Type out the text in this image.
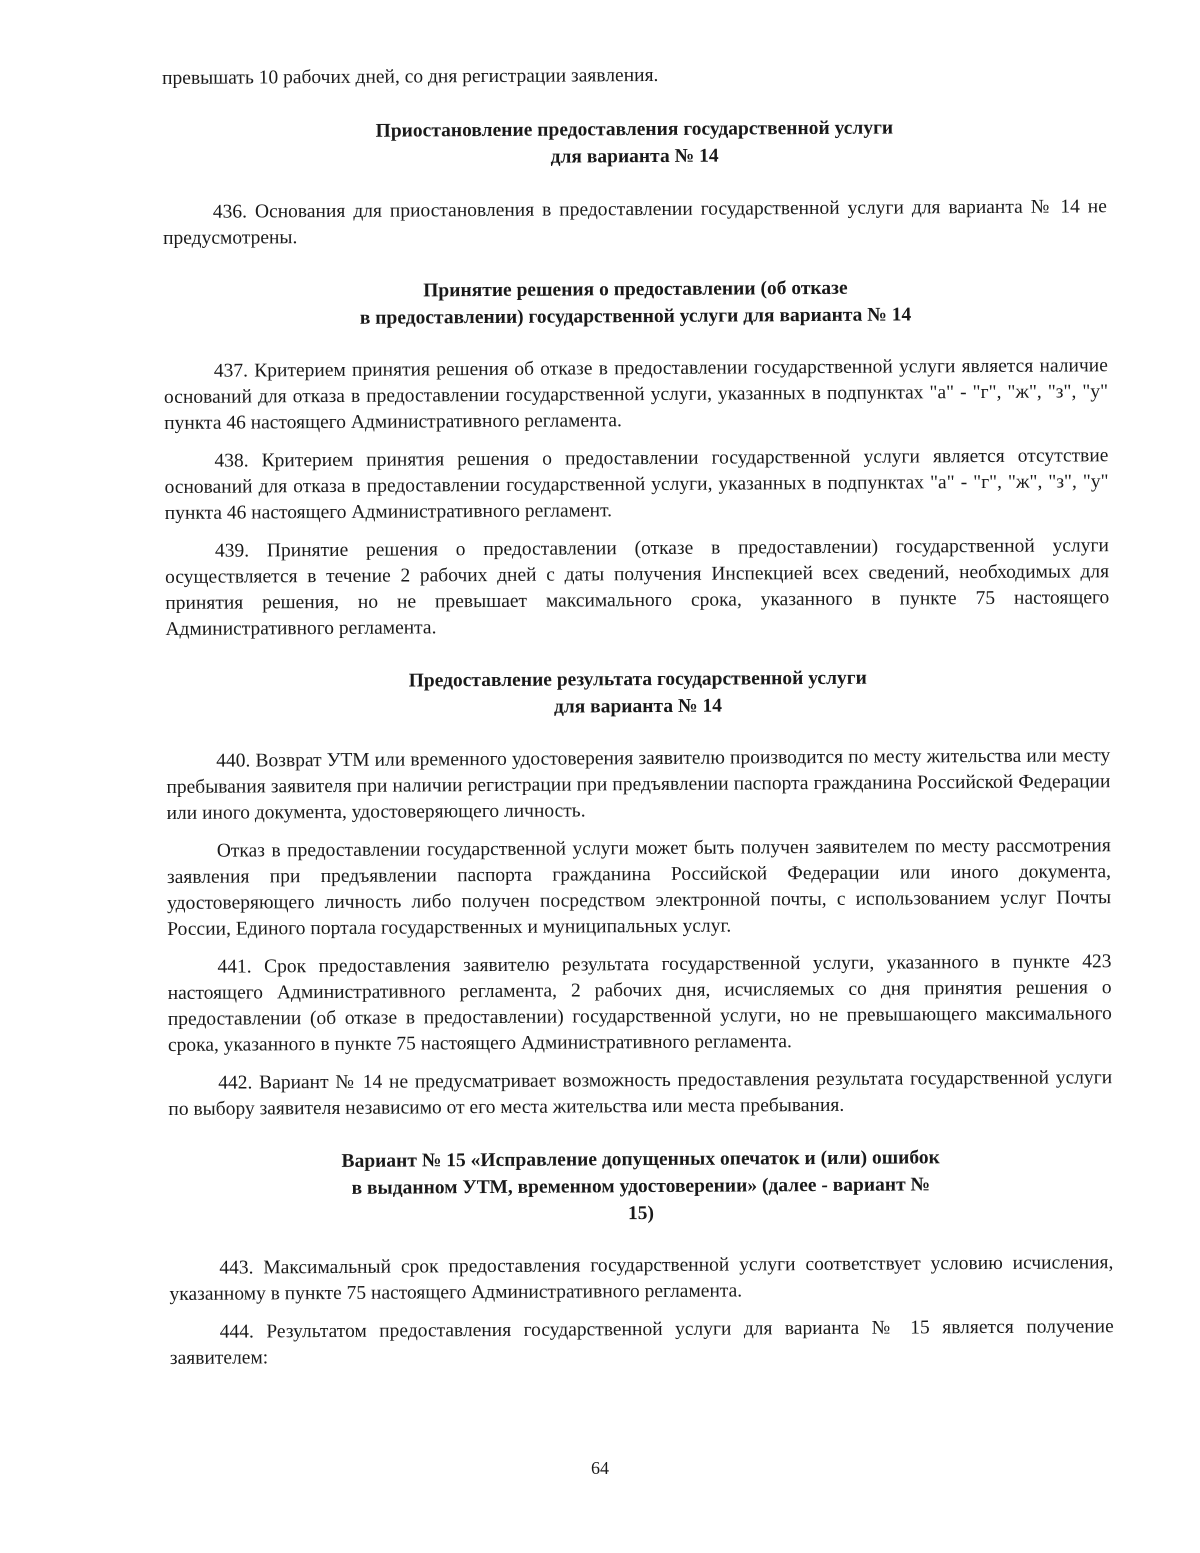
превышать 10 рабочих дней, со дня регистрации заявления.

Приостановление предоставления государственной услуги
для варианта № 14

436. Основания для приостановления в предоставлении государственной услуги для варианта № 14 не предусмотрены.

Принятие решения о предоставлении (об отказе
в предоставлении) государственной услуги для варианта № 14

437. Критерием принятия решения об отказе в предоставлении государственной услуги является наличие оснований для отказа в предоставлении государственной услуги, указанных в подпунктах "а" - "г", "ж", "з", "у" пункта 46 настоящего Административного регламента.

438. Критерием принятия решения о предоставлении государственной услуги является отсутствие оснований для отказа в предоставлении государственной услуги, указанных в подпунктах "а" - "г", "ж", "з", "у" пункта 46 настоящего Административного регламент.

439. Принятие решения о предоставлении (отказе в предоставлении) государственной услуги осуществляется в течение 2 рабочих дней с даты получения Инспекцией всех сведений, необходимых для принятия решения, но не превышает максимального срока, указанного в пункте 75 настоящего Административного регламента.

Предоставление результата государственной услуги
для варианта № 14

440. Возврат УТМ или временного удостоверения заявителю производится по месту жительства или месту пребывания заявителя при наличии регистрации при предъявлении паспорта гражданина Российской Федерации или иного документа, удостоверяющего личность.

Отказ в предоставлении государственной услуги может быть получен заявителем по месту рассмотрения заявления при предъявлении паспорта гражданина Российской Федерации или иного документа, удостоверяющего личность либо получен посредством электронной почты, с использованием услуг Почты России, Единого портала государственных и муниципальных услуг.

441. Срок предоставления заявителю результата государственной услуги, указанного в пункте 423 настоящего Административного регламента, 2 рабочих дня, исчисляемых со дня принятия решения о предоставлении (об отказе в предоставлении) государственной услуги, но не превышающего максимального срока, указанного в пункте 75 настоящего Административного регламента.

442. Вариант № 14 не предусматривает возможность предоставления результата государственной услуги по выбору заявителя независимо от его места жительства или места пребывания.

Вариант № 15 «Исправление допущенных опечаток и (или) ошибок
в выданном УТМ, временном удостоверении» (далее - вариант №
15)

443. Максимальный срок предоставления государственной услуги соответствует условию исчисления, указанному в пункте 75 настоящего Административного регламента.

444. Результатом предоставления государственной услуги для варианта № 15 является получение заявителем:

64
